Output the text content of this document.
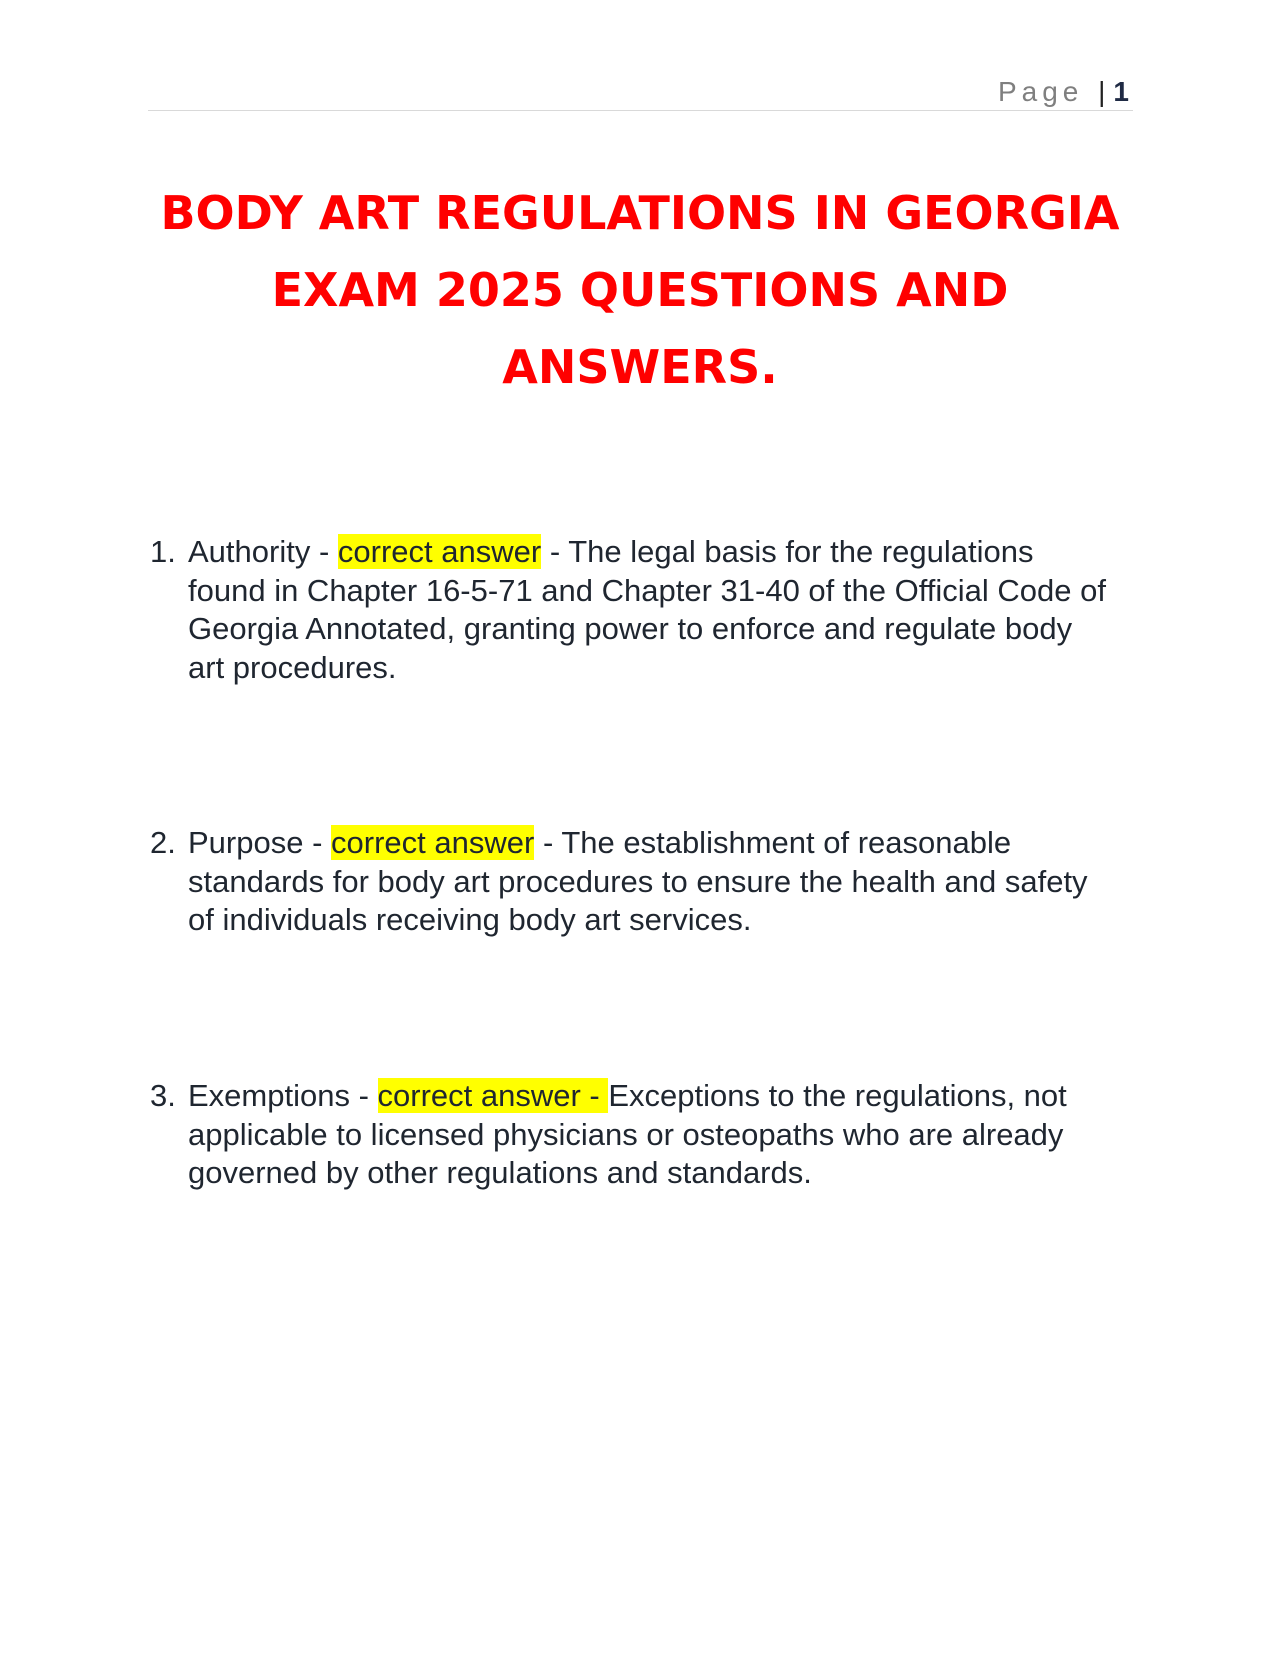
Page | 1
BODY ART REGULATIONS IN GEORGIA EXAM 2025 QUESTIONS AND ANSWERS.
1. Authority - correct answer - The legal basis for the regulations found in Chapter 16-5-71 and Chapter 31-40 of the Official Code of Georgia Annotated, granting power to enforce and regulate body art procedures.
2. Purpose - correct answer - The establishment of reasonable standards for body art procedures to ensure the health and safety of individuals receiving body art services.
3. Exemptions - correct answer - Exceptions to the regulations, not applicable to licensed physicians or osteopaths who are already governed by other regulations and standards.
